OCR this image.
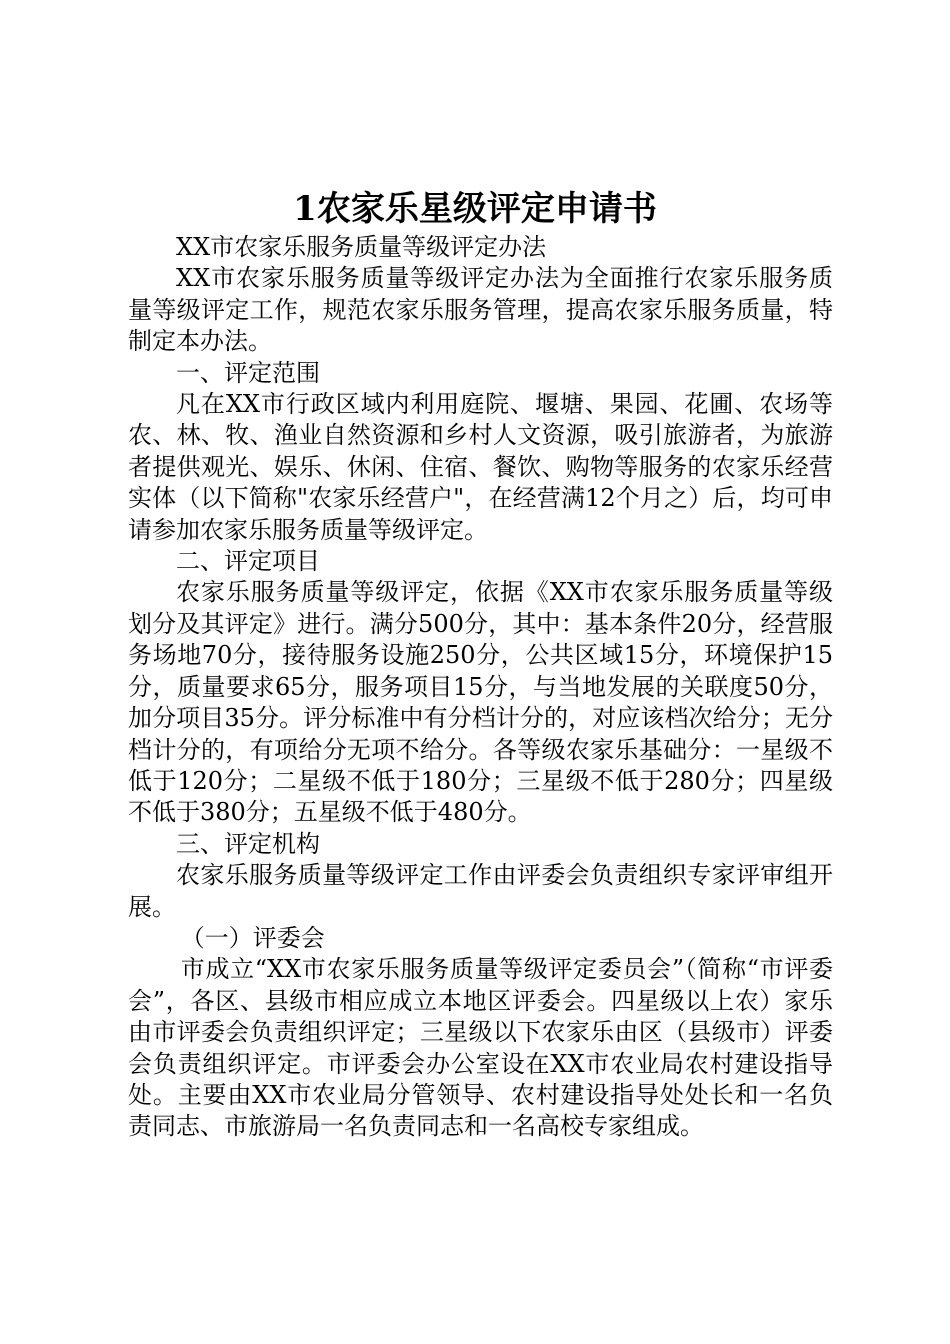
1农家乐星级评定申请书

XX市农家乐服务质量等级评定办法

XX市农家乐服务质量等级评定办法为全面推行农家乐服务质量等级评定工作，规范农家乐服务管理，提高农家乐服务质量，特制定本办法。

一、评定范围

凡在XX市行政区域内利用庭院、堰塘、果园、花圃、农场等农、林、牧、渔业自然资源和乡村人文资源，吸引旅游者，为旅游者提供观光、娱乐、休闲、住宿、餐饮、购物等服务的农家乐经营实体（以下简称"农家乐经营户"，在经营满12个月之）后，均可申请参加农家乐服务质量等级评定。

二、评定项目

农家乐服务质量等级评定，依据《XX市农家乐服务质量等级划分及其评定》进行。满分500分，其中：基本条件20分，经营服务场地70分，接待服务设施250分，公共区域15分，环境保护15分，质量要求65分，服务项目15分，与当地发展的关联度50分，加分项目35分。评分标准中有分档计分的，对应该档次给分；无分档计分的，有项给分无项不给分。各等级农家乐基础分：一星级不低于120分；二星级不低于180分；三星级不低于280分；四星级不低于380分；五星级不低于480分。

三、评定机构

农家乐服务质量等级评定工作由评委会负责组织专家评审组开展。

（一）评委会

市成立“XX市农家乐服务质量等级评定委员会”（简称“市评委会”，各区、县级市相应成立本地区评委会。四星级以上农）家乐由市评委会负责组织评定；三星级以下农家乐由区（县级市）评委会负责组织评定。市评委会办公室设在XX市农业局农村建设指导处。主要由XX市农业局分管领导、农村建设指导处处长和一名负责同志、市旅游局一名负责同志和一名高校专家组成。
